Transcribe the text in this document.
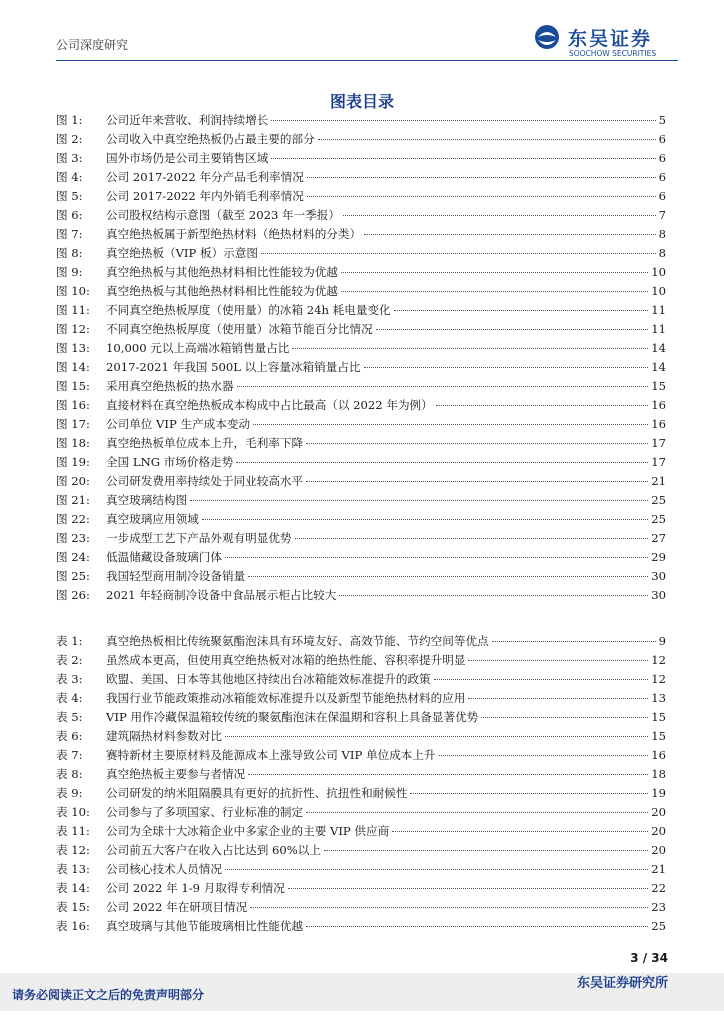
公司深度研究	东吴证券
SOOCHOW SECURITIES
图表目录
图 1:	公司近年来营收、利润持续增长	5
图 2:	公司收入中真空绝热板仍占最主要的部分	6
图 3:	国外市场仍是公司主要销售区域	6
图 4:	公司 2017-2022 年分产品毛利率情况	6
图 5:	公司 2017-2022 年内外销毛利率情况	6
图 6:	公司股权结构示意图（截至 2023 年一季报）	7
图 7:	真空绝热板属于新型绝热材料（绝热材料的分类）	8
图 8:	真空绝热板（VIP 板）示意图	8
图 9:	真空绝热板与其他绝热材料相比性能较为优越	10
图 10:	真空绝热板与其他绝热材料相比性能较为优越	10
图 11:	不同真空绝热板厚度（使用量）的冰箱 24h 耗电量变化	11
图 12:	不同真空绝热板厚度（使用量）冰箱节能百分比情况	11
图 13:	10,000 元以上高端冰箱销售量占比	14
图 14:	2017-2021 年我国 500L 以上容量冰箱销量占比	14
图 15:	采用真空绝热板的热水器	15
图 16:	直接材料在真空绝热板成本构成中占比最高（以 2022 年为例）	16
图 17:	公司单位 VIP 生产成本变动	16
图 18:	真空绝热板单位成本上升，毛利率下降	17
图 19:	全国 LNG 市场价格走势	17
图 20:	公司研发费用率持续处于同业较高水平	21
图 21:	真空玻璃结构图	25
图 22:	真空玻璃应用领域	25
图 23:	一步成型工艺下产品外观有明显优势	27
图 24:	低温储藏设备玻璃门体	29
图 25:	我国轻型商用制冷设备销量	30
图 26:	2021 年轻商制冷设备中食品展示柜占比较大	30
表 1:	真空绝热板相比传统聚氨酯泡沫具有环境友好、高效节能、节约空间等优点	9
表 2:	虽然成本更高，但使用真空绝热板对冰箱的绝热性能、容积率提升明显	12
表 3:	欧盟、美国、日本等其他地区持续出台冰箱能效标准提升的政策	12
表 4:	我国行业节能政策推动冰箱能效标准提升以及新型节能绝热材料的应用	13
表 5:	VIP 用作冷藏保温箱较传统的聚氨酯泡沫在保温期和容积上具备显著优势	15
表 6:	建筑隔热材料参数对比	15
表 7:	赛特新材主要原材料及能源成本上涨导致公司 VIP 单位成本上升	16
表 8:	真空绝热板主要参与者情况	18
表 9:	公司研发的纳米阻隔膜具有更好的抗折性、抗扭性和耐候性	19
表 10:	公司参与了多项国家、行业标准的制定	20
表 11:	公司为全球十大冰箱企业中多家企业的主要 VIP 供应商	20
表 12:	公司前五大客户在收入占比达到 60%以上	20
表 13:	公司核心技术人员情况	21
表 14:	公司 2022 年 1-9 月取得专利情况	22
表 15:	公司 2022 年在研项目情况	23
表 16:	真空玻璃与其他节能玻璃相比性能优越	25
3 / 34
请务必阅读正文之后的免责声明部分
东吴证券研究所
